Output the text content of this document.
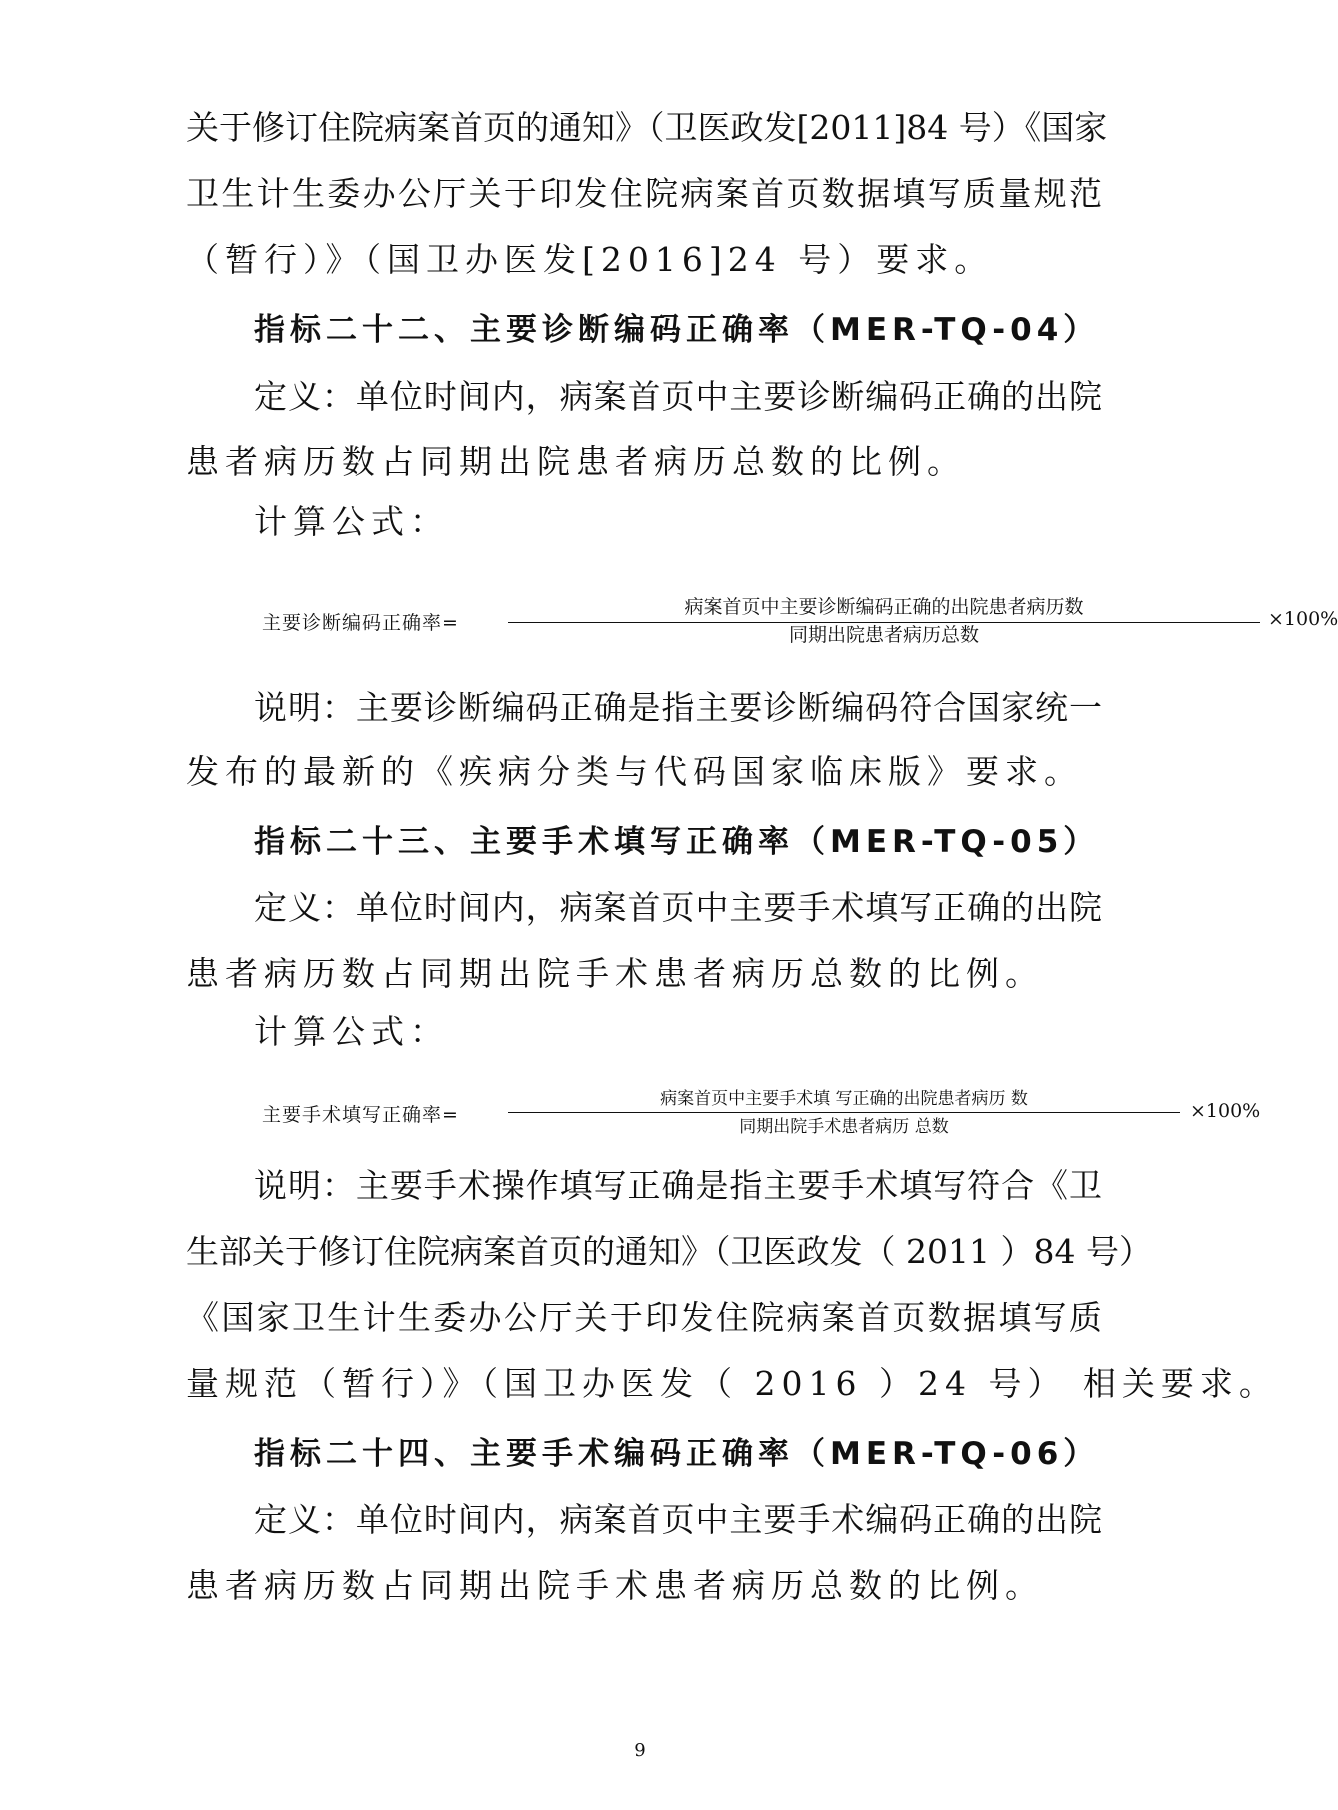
关于修订住院病案首页的通知》（卫医政发[2011]84 号）《国家
卫生计生委办公厅关于印发住院病案首页数据填写质量规范
（暂行）》（国卫办医发[2016]24 号）要求。
指标二十二、主要诊断编码正确率（MER-TQ-04）
定义：单位时间内，病案首页中主要诊断编码正确的出院
患者病历数占同期出院患者病历总数的比例。
计算公式：
主要诊断编码正确率=
病案首页中主要诊断编码正确的出院患者病历数
同期出院患者病历总数
×100%
说明：主要诊断编码正确是指主要诊断编码符合国家统一
发布的最新的《疾病分类与代码国家临床版》要求。
指标二十三、主要手术填写正确率（MER-TQ-05）
定义：单位时间内，病案首页中主要手术填写正确的出院
患者病历数占同期出院手术患者病历总数的比例。
计算公式：
主要手术填写正确率=
病案首页中主要手术填 写正确的出院患者病历 数
同期出院手术患者病历 总数
×100%
说明：主要手术操作填写正确是指主要手术填写符合《卫
生部关于修订住院病案首页的通知》（卫医政发（ 2011 ）84 号）
《国家卫生计生委办公厅关于印发住院病案首页数据填写质
量规范（暂行）》（国卫办医发（ 2016 ）24 号） 相关要求。
指标二十四、主要手术编码正确率（MER-TQ-06）
定义：单位时间内，病案首页中主要手术编码正确的出院
患者病历数占同期出院手术患者病历总数的比例。
9
